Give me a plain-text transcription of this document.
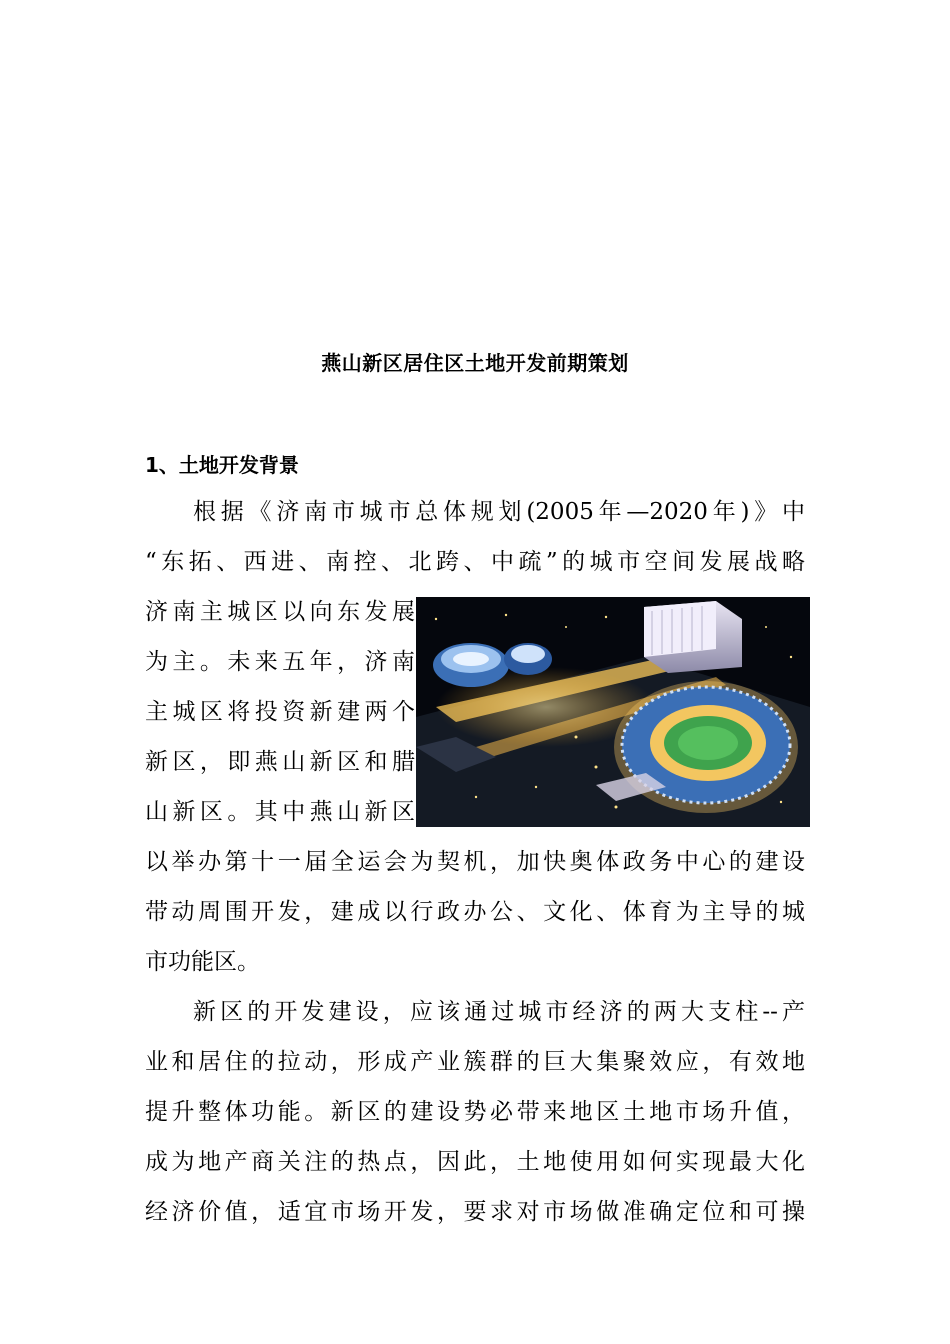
燕山新区居住区土地开发前期策划
1、土地开发背景
根据《济南市城市总体规划(2005年—2020年)》中
“东拓、西进、南控、北跨、中疏”的城市空间发展战略
济南主城区以向东发展
为主。未来五年，济南
主城区将投资新建两个
新区，即燕山新区和腊
山新区。其中燕山新区
以举办第十一届全运会为契机，加快奥体政务中心的建设
带动周围开发，建成以行政办公、文化、体育为主导的城
市功能区。
新区的开发建设，应该通过城市经济的两大支柱--产
业和居住的拉动，形成产业簇群的巨大集聚效应，有效地
提升整体功能。新区的建设势必带来地区土地市场升值，
成为地产商关注的热点，因此，土地使用如何实现最大化
经济价值，适宜市场开发，要求对市场做准确定位和可操
